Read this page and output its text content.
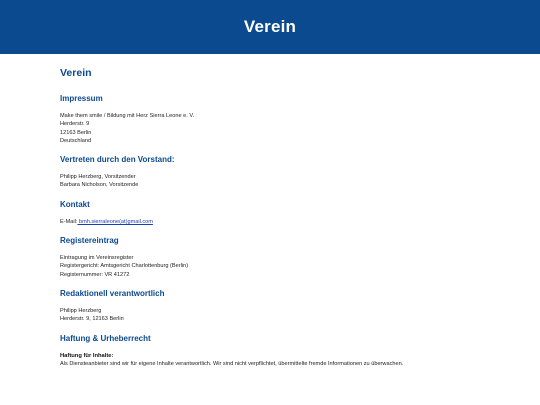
Verein
Verein
Impressum
Make them smile / Bildung mit Herz Sierra Leone e. V.
Herderstr. 9
12163 Berlin
Deutschland
Vertreten durch den Vorstand:
Philipp Herzberg, Vorsitzender
Barbara Nicholson, Vorsitzende
Kontakt
E-Mail: bmh.sierraleone(at)gmail.com
Registereintrag
Eintragung im Vereinsregister
Registergericht: Amtsgericht Charlottenburg (Berlin)
Registernummer: VR 41272
Redaktionell verantwortlich
Philipp Herzberg
Herderstr. 9, 12163 Berlin
Haftung & Urheberrecht
Haftung für Inhalte:
Als Diensteanbieter sind wir für eigene Inhalte verantwortlich. Wir sind nicht verpflichtet, übermittelte fremde Informationen zu überwachen.
